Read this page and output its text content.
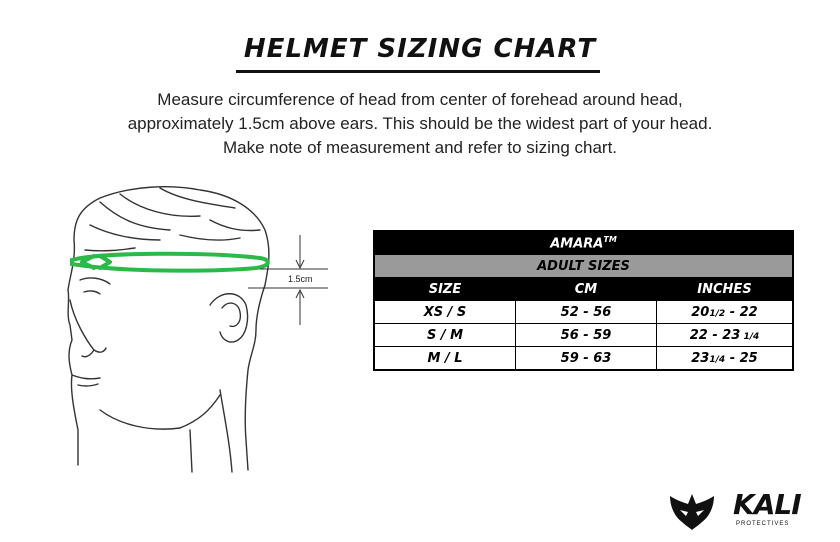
HELMET SIZING CHART
Measure circumference of head from center of forehead around head, approximately 1.5cm above ears. This should be the widest part of your head. Make note of measurement and refer to sizing chart.
1.5cm
AMARA™
ADULT SIZES		
SIZE	CM	INCHES
XS / S	52 - 56	201/2 - 22
S / M	56 - 59	22 - 23 1/4
M / L	59 - 63	231/4 - 25
KALI
PROTECTIVES
